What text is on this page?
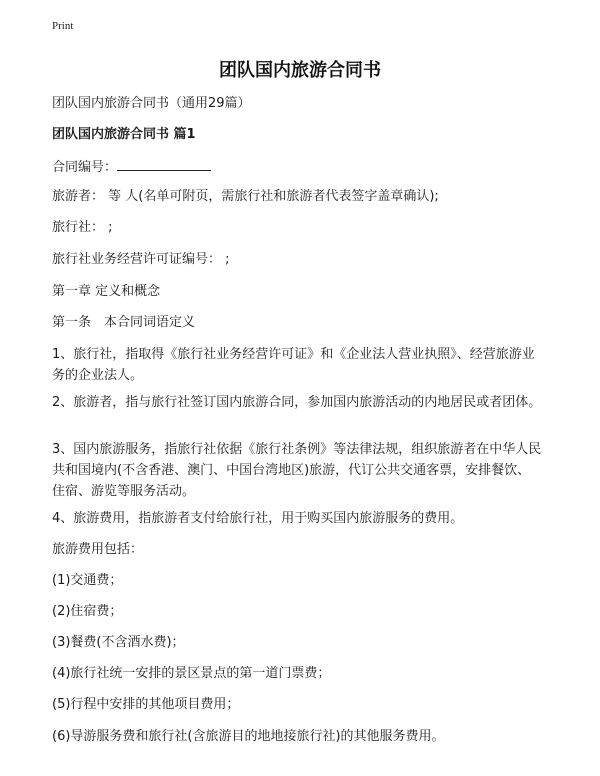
Print
团队国内旅游合同书
团队国内旅游合同书（通用29篇）
团队国内旅游合同书 篇1
合同编号：
旅游者： 等 人(名单可附页，需旅行社和旅游者代表签字盖章确认);
旅行社： ;
旅行社业务经营许可证编号： ;
第一章 定义和概念
第一条　本合同词语定义
1、旅行社，指取得《旅行社业务经营许可证》和《企业法人营业执照》、经营旅游业务的企业法人。
2、旅游者，指与旅行社签订国内旅游合同，参加国内旅游活动的内地居民或者团体。
3、国内旅游服务，指旅行社依据《旅行社条例》等法律法规，组织旅游者在中华人民共和国境内(不含香港、澳门、中国台湾地区)旅游，代订公共交通客票，安排餐饮、住宿、游览等服务活动。
4、旅游费用，指旅游者支付给旅行社，用于购买国内旅游服务的费用。
旅游费用包括：
(1)交通费；
(2)住宿费；
(3)餐费(不含酒水费)；
(4)旅行社统一安排的景区景点的第一道门票费；
(5)行程中安排的其他项目费用；
(6)导游服务费和旅行社(含旅游目的地地接旅行社)的其他服务费用。
